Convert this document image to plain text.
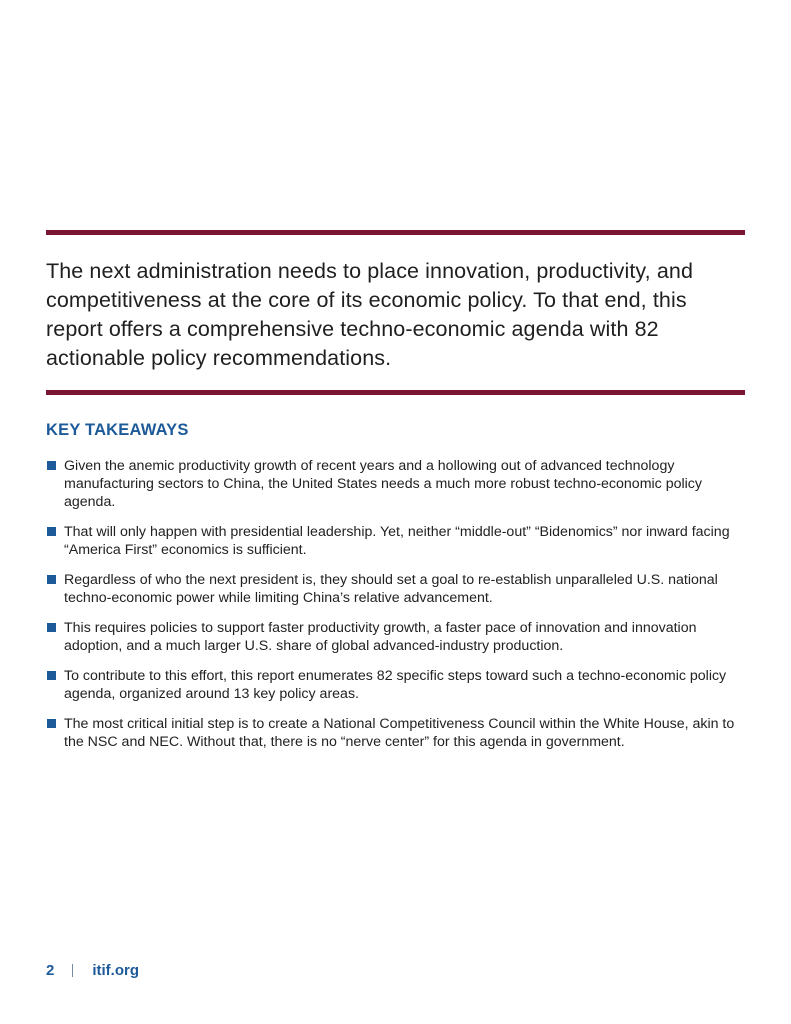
The next administration needs to place innovation, productivity, and competitiveness at the core of its economic policy. To that end, this report offers a comprehensive techno-economic agenda with 82 actionable policy recommendations.

KEY TAKEAWAYS
Given the anemic productivity growth of recent years and a hollowing out of advanced technology manufacturing sectors to China, the United States needs a much more robust techno-economic policy agenda.
That will only happen with presidential leadership. Yet, neither “middle-out” “Bidenomics” nor inward facing “America First” economics is sufficient.
Regardless of who the next president is, they should set a goal to re-establish unparalleled U.S. national techno-economic power while limiting China’s relative advancement.
This requires policies to support faster productivity growth, a faster pace of innovation and innovation adoption, and a much larger U.S. share of global advanced-industry production.
To contribute to this effort, this report enumerates 82 specific steps toward such a techno-economic policy agenda, organized around 13 key policy areas.
The most critical initial step is to create a National Competitiveness Council within the White House, akin to the NSC and NEC. Without that, there is no “nerve center” for this agenda in government.
2	itif.org
